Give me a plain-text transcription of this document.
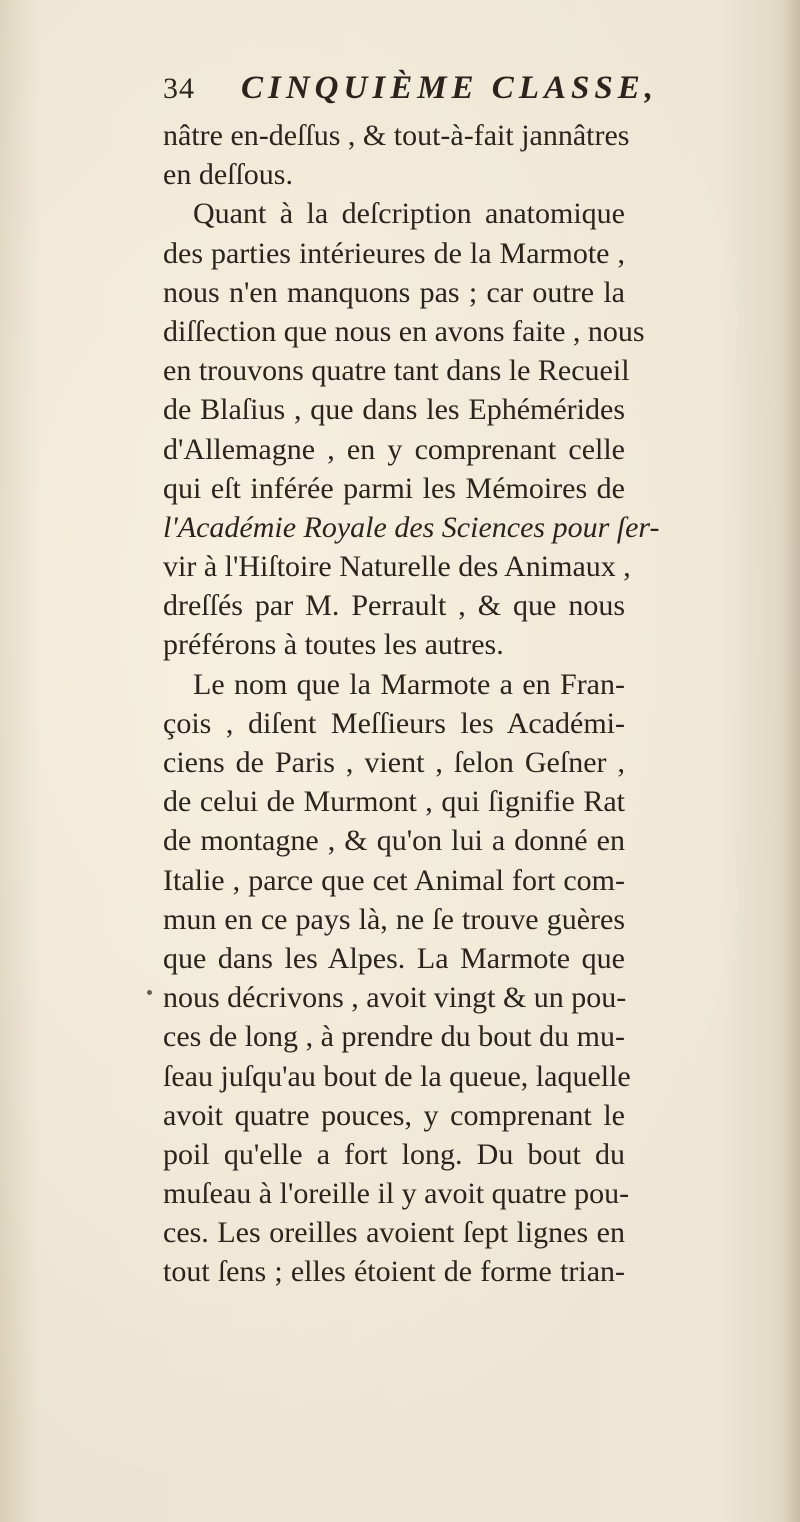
34 CINQUIÈME CLASSE,
nâtre en-deſſus , & tout-à-fait jannâtres
en deſſous.
Quant à la deſcription anatomique
des parties intérieures de la Marmote ,
nous n'en manquons pas ; car outre la
diſſection que nous en avons faite , nous
en trouvons quatre tant dans le Recueil
de Blaſius , que dans les Ephémérides
d'Allemagne , en y comprenant celle
qui eſt inférée parmi les Mémoires de
l'Académie Royale des Sciences pour ſer-
vir à l'Hiſtoire Naturelle des Animaux ,
dreſſés par M. Perrault , & que nous
préférons à toutes les autres.
Le nom que la Marmote a en Fran-
çois , diſent Meſſieurs les Académi-
ciens de Paris , vient , ſelon Geſner ,
de celui de Murmont , qui ſignifie Rat
de montagne , & qu'on lui a donné en
Italie , parce que cet Animal fort com-
mun en ce pays là, ne ſe trouve guères
que dans les Alpes. La Marmote que
nous décrivons , avoit vingt & un pou-
ces de long , à prendre du bout du mu-
ſeau juſqu'au bout de la queue, laquelle
avoit quatre pouces, y comprenant le
poil qu'elle a fort long. Du bout du
muſeau à l'oreille il y avoit quatre pou-
ces. Les oreilles avoient ſept lignes en
tout ſens ; elles étoient de forme trian-
